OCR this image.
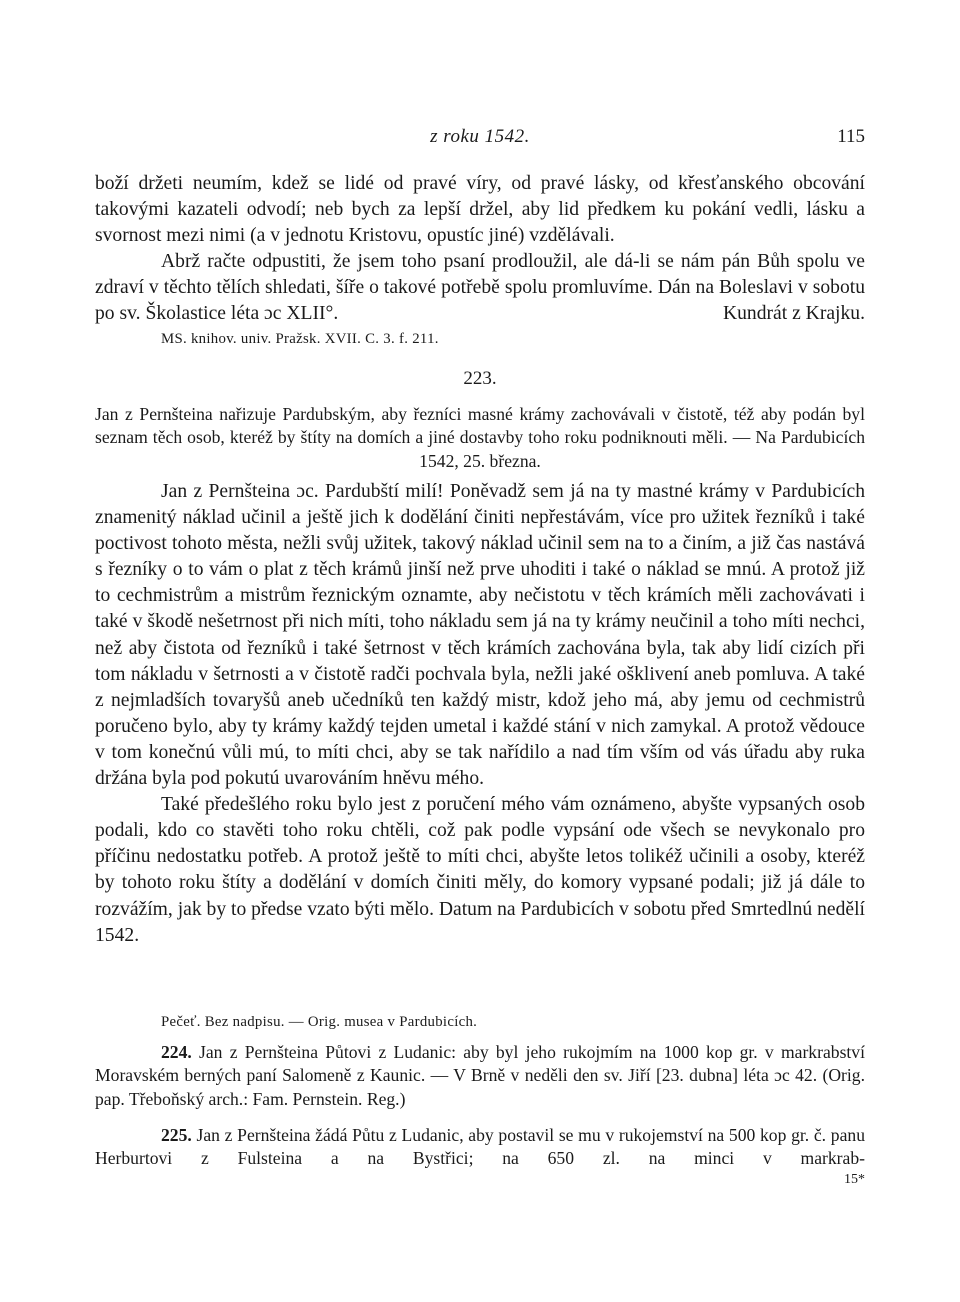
z roku 1542.	115

boží držeti neumím, kdež se lidé od pravé víry, od pravé lásky, od křesťanského obcování takovými kazateli odvodí; neb bych za lepší držel, aby lid předkem ku pokání vedli, lásku a svornost mezi nimi (a v jednotu Kristovu, opustíc jiné) vzdělávali.

Abrž račte odpustiti, že jsem toho psaní prodloužil, ale dá-li se nám pán Bůh spolu ve zdraví v těchto tělích shledati, šíře o takové potřebě spolu promluvíme. Dán na Boleslavi v sobotu po sv. Školastice léta ɔc XLII°.	Kundrát z Krajku.

MS. knihov. univ. Pražsk. XVII. C. 3. f. 211.
223.

Jan z Pernšteina nařizuje Pardubským, aby řezníci masné krámy zachovávali v čistotě, též aby podán byl seznam těch osob, kteréž by štíty na domích a jiné dostavby toho roku podniknouti měli. — Na Pardubicích 1542, 25. března.

Jan z Pernšteina ɔc. Pardubští milí! Poněvadž sem já na ty mastné krámy v Pardubicích znamenitý náklad učinil a ještě jich k dodělání činiti nepřestávám, více pro užitek řezníků i také poctivost tohoto města, nežli svůj užitek, takový náklad učinil sem na to a činím, a již čas nastává s řezníky o to vám o plat z těch krámů jinší než prve uhoditi i také o náklad se mnú. A protož již to cechmistrům a mistrům řeznickým oznamte, aby nečistotu v těch krámích měli zachovávati i také v škodě nešetrnost při nich míti, toho nákladu sem já na ty krámy neučinil a toho míti nechci, než aby čistota od řezníků i také šetrnost v těch krámích zachována byla, tak aby lidí cizích při tom nákladu v šetrnosti a v čistotě radči pochvala byla, nežli jaké ošklivení aneb pomluva. A také z nejmladších tovaryšů aneb učedníků ten každý mistr, kdož jeho má, aby jemu od cechmistrů poručeno bylo, aby ty krámy každý tejden umetal i každé stání v nich zamykal. A protož vědouce v tom konečnú vůli mú, to míti chci, aby se tak nařídilo a nad tím vším od vás úřadu aby ruka držána byla pod pokutú uvarováním hněvu mého.

Také předešlého roku bylo jest z poručení mého vám oznámeno, abyšte vypsaných osob podali, kdo co stavěti toho roku chtěli, což pak podle vypsání ode všech se nevykonalo pro příčinu nedostatku potřeb. A protož ještě to míti chci, abyšte letos tolikéž učinili a osoby, kteréž by tohoto roku štíty a dodělání v domích činiti měly, do komory vypsané podali; již já dále to rozvážím, jak by to předse vzato býti mělo. Datum na Pardubicích v sobotu před Smrtedlnú nedělí 1542.

Pečeť. Bez nadpisu. — Orig. musea v Pardubicích.

224. Jan z Pernšteina Půtovi z Ludanic: aby byl jeho rukojmím na 1000 kop gr. v markrabství Moravském berných paní Salomeně z Kaunic. — V Brně v neděli den sv. Jiří [23. dubna] léta ɔc 42. (Orig. pap. Třeboňský arch.: Fam. Pernstein. Reg.)

225. Jan z Pernšteina žádá Půtu z Ludanic, aby postavil se mu v rukojemství na 500 kop gr. č. panu Herburtovi z Fulsteina a na Bystřici; na 650 zl. na minci v markrab-

15*
